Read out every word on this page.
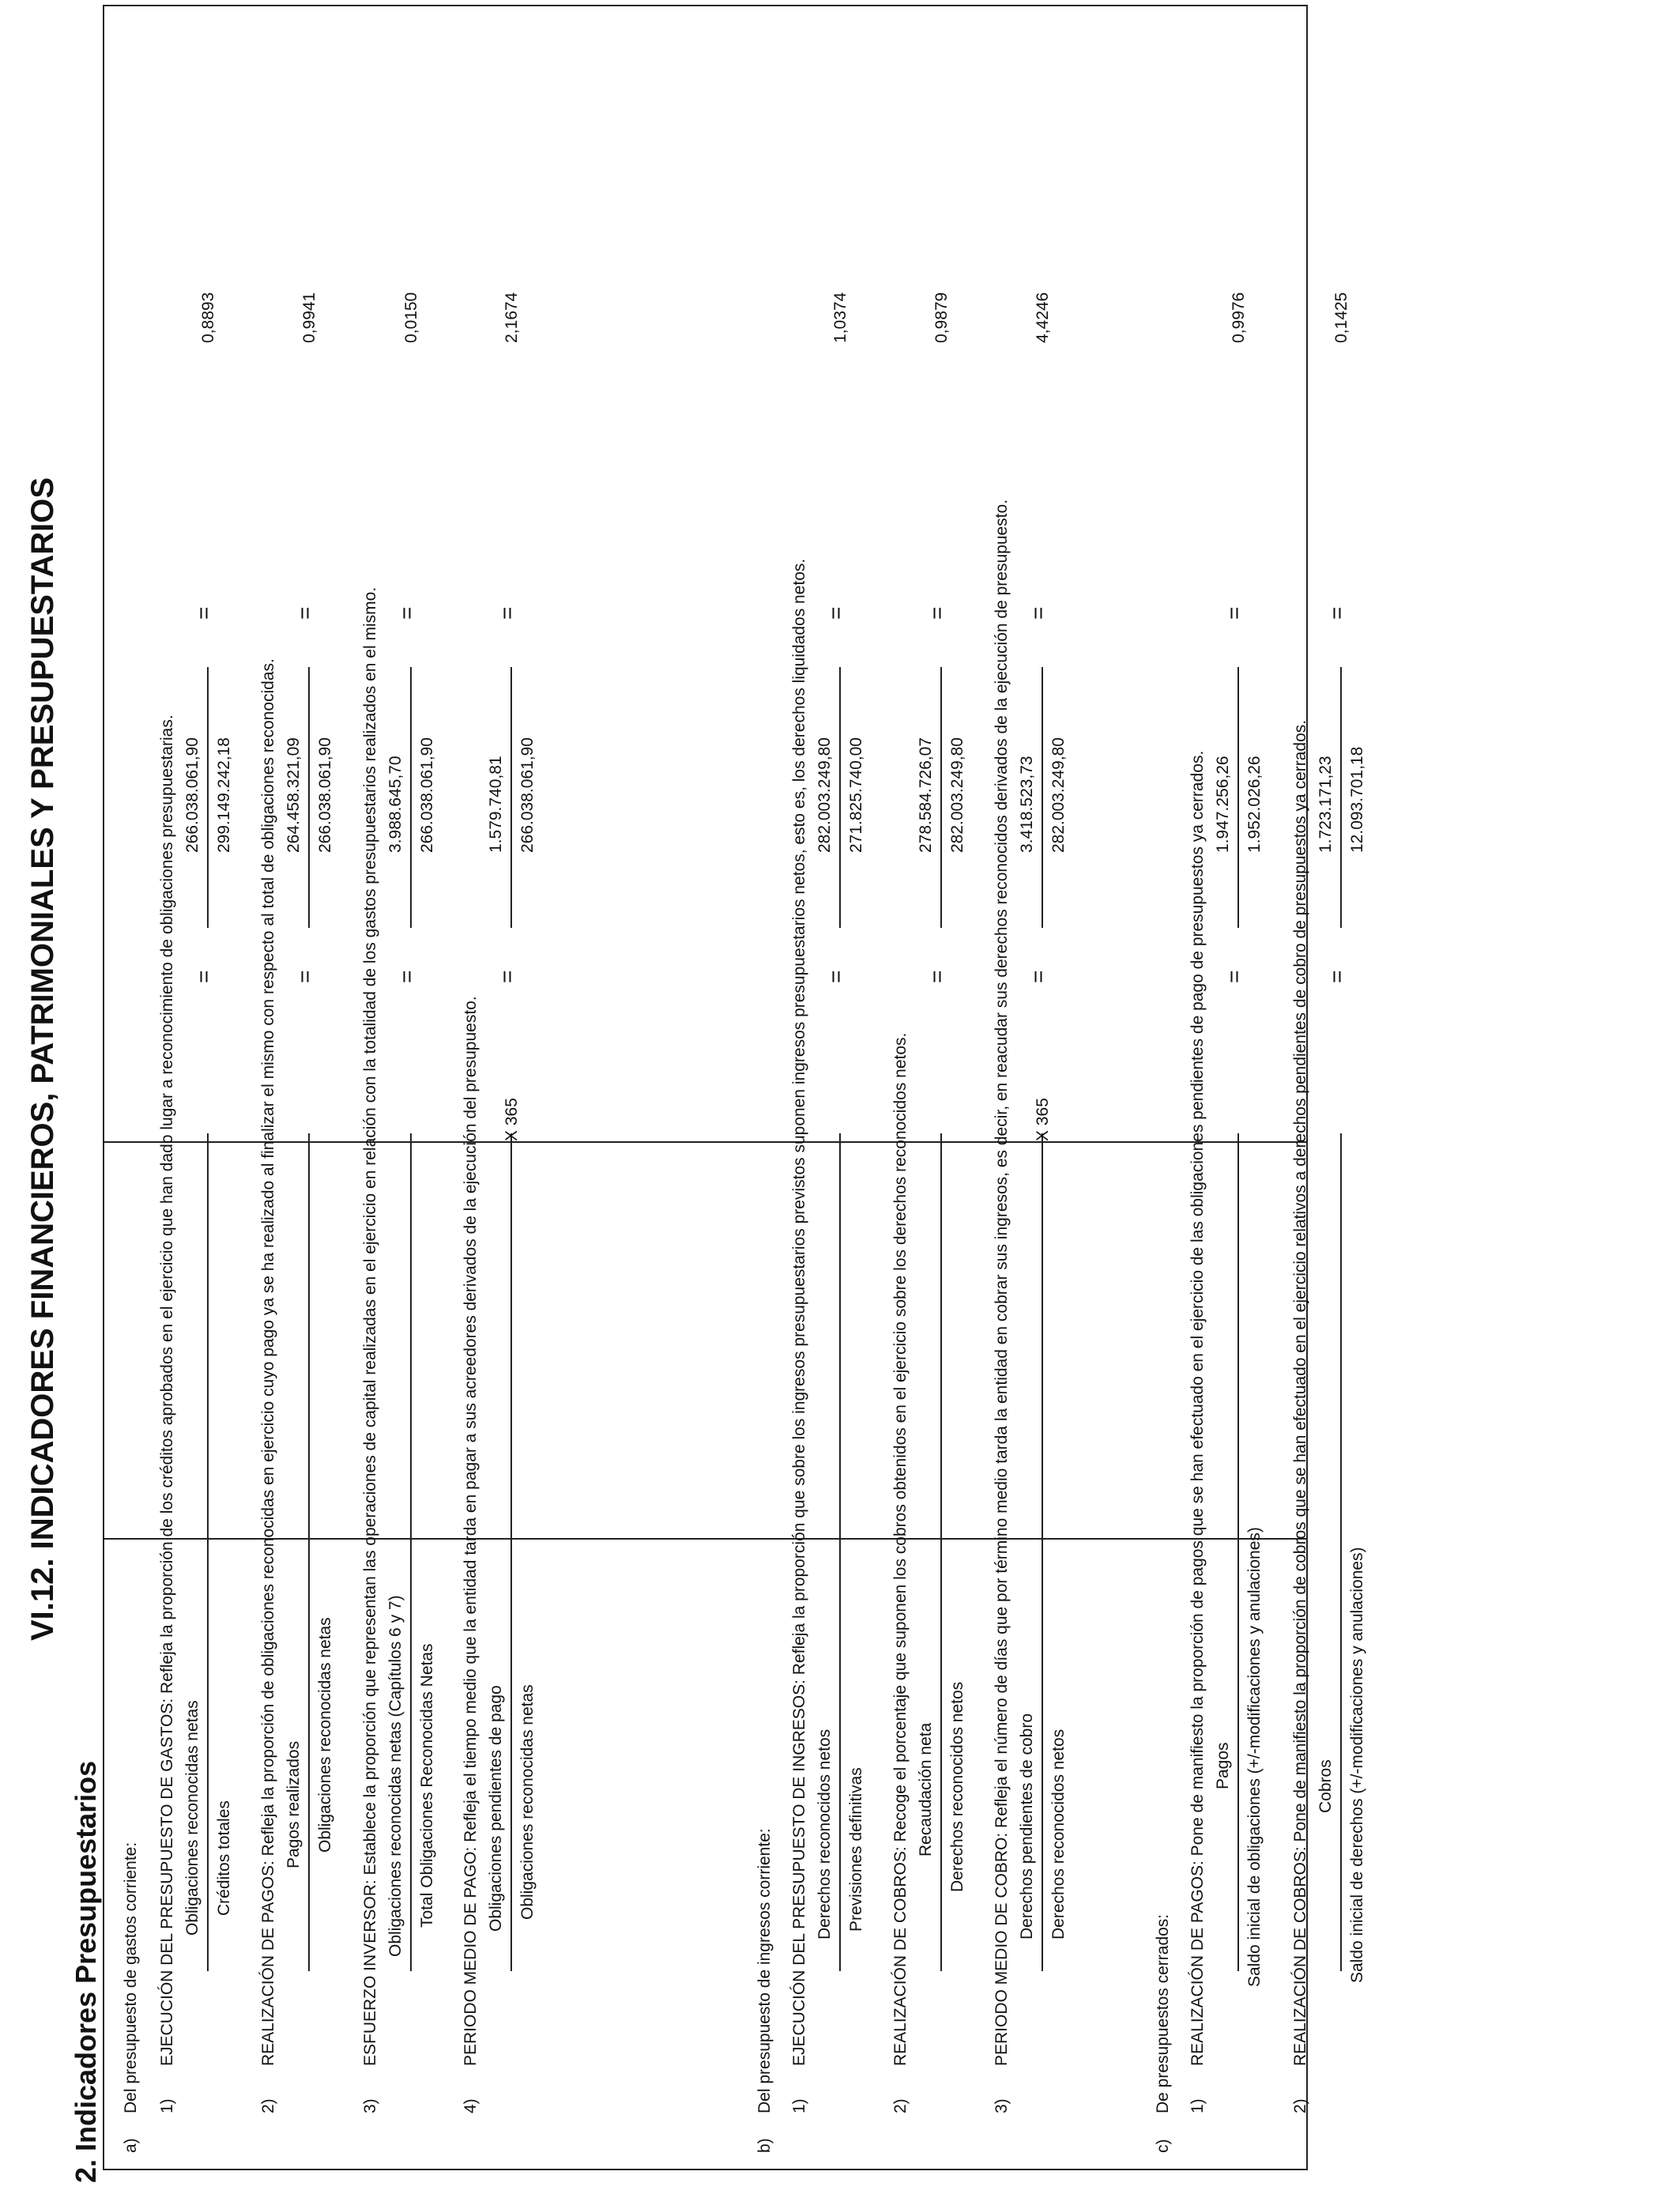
VI.12. INDICADORES FINANCIEROS, PATRIMONIALES Y PRESUPUESTARIOS
2. Indicadores Presupuestarios a)
Del presupuesto de gastos corriente: 1)
EJECUCIÓN DEL PRESUPUESTO DE GASTOS: Refleja la proporción de los créditos aprobados en el ejercicio que han dado lugar a reconocimiento de obligaciones presupuestarias. Obligaciones reconocidas netas Créditos totales
=
266.038.061,90 299.149.242,18
=
0,8893
2)
REALIZACIÓN DE PAGOS: Refleja la proporción de obligaciones reconocidas en ejercicio cuyo pago ya se ha realizado al finalizar el mismo con respecto al total de obligaciones reconocidas. Pagos realizados Obligaciones reconocidas netas
=
264.458.321,09 266.038.061,90
=
0,9941
3)
ESFUERZO INVERSOR: Establece la proporción que representan las operaciones de capital realizadas en el ejercicio en relación con la totalidad de los gastos presupuestarios realizados en el mismo. Obligaciones reconocidas netas (Capítulos 6 y 7) Total Obligaciones Reconocidas Netas
=
3.988.645,70 266.038.061,90
=
0,0150
4)
PERIODO MEDIO DE PAGO: Refleja el tiempo medio que la entidad tarda en pagar a sus acreedores derivados de la ejecución del presupuesto. Obligaciones pendientes de pago Obligaciones reconocidas netas
X 365
=
1.579.740,81 266.038.061,90
=
2,1674
b)
Del presupuesto de ingresos corriente: 1)
EJECUCIÓN DEL PRESUPUESTO DE INGRESOS: Refleja la proporción que sobre los ingresos presupuestarios previstos suponen ingresos presupuestarios netos, esto es, los derechos liquidados netos. Derechos reconocidos netos Previsiones definitivas
=
282.003.249,80 271.825.740,00
=
1,0374
2)
REALIZACIÓN DE COBROS: Recoge el porcentaje que suponen los cobros obtenidos en el ejercicio sobre los derechos reconocidos netos. Recaudación neta Derechos reconocidos netos
=
278.584.726,07 282.003.249,80
=
0,9879
3)
PERIODO MEDIO DE COBRO: Refleja el número de días que por término medio tarda la entidad en cobrar sus ingresos, es decir, en reacudar sus derechos reconocidos derivados de la ejecución de presupuesto. Derechos pendientes de cobro Derechos reconocidos netos
X 365
=
3.418.523,73 282.003.249,80
=
4,4246
c)
De presupuestos cerrados: 1)
REALIZACIÓN DE PAGOS: Pone de manifiesto la proporción de pagos que se han efectuado en el ejercicio de las obligaciones pendientes de pago de presupuestos ya cerrados. Pagos Saldo inicial de obligaciones (+/-modificaciones y anulaciones)
=
1.947.256,26 1.952.026,26
=
0,9976
2)
REALIZACIÓN DE COBROS: Pone de manifiesto la proporción de cobros que se han efectuado en el ejercicio relativos a derechos pendientes de cobro de presupuestos ya cerrados. Cobros Saldo inicial de derechos (+/-modificaciones y anulaciones)
=
1.723.171,23 12.093.701,18
=
0,1425
